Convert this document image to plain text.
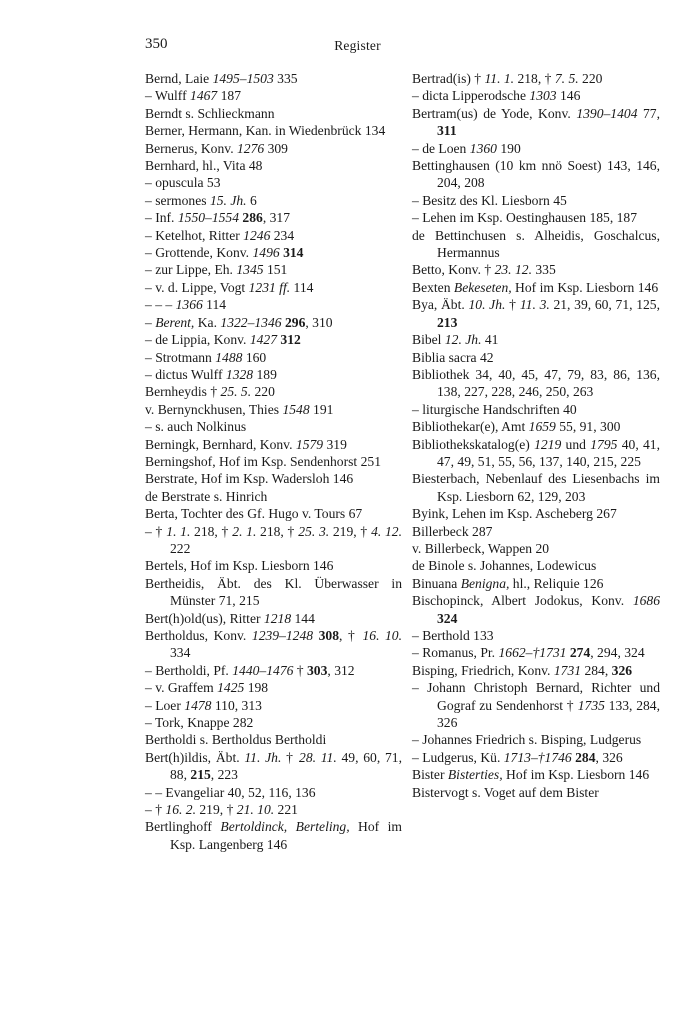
350	Register
Bernd, Laie 1495–1503 335
– Wulff 1467 187
Berndt s. Schlieckmann
Berner, Hermann, Kan. in Wiedenbrück 134
Bernerus, Konv. 1276 309
Bernhard, hl., Vita 48
– opuscula 53
– sermones 15. Jh. 6
– Inf. 1550–1554 286, 317
– Ketelhot, Ritter 1246 234
– Grottende, Konv. 1496 314
– zur Lippe, Eh. 1345 151
– v. d. Lippe, Vogt 1231 ff. 114
– – – 1366 114
– Berent, Ka. 1322–1346 296, 310
– de Lippia, Konv. 1427 312
– Strotmann 1488 160
– dictus Wulff 1328 189
Bernheydis † 25. 5. 220
v. Bernynckhusen, Thies 1548 191
– s. auch Nolkinus
Berningk, Bernhard, Konv. 1579 319
Berningshof, Hof im Ksp. Sendenhorst 251
Berstrate, Hof im Ksp. Wadersloh 146
de Berstrate s. Hinrich
Berta, Tochter des Gf. Hugo v. Tours 67
– † 1. 1. 218, † 2. 1. 218, † 25. 3. 219, † 4. 12. 222
Bertels, Hof im Ksp. Liesborn 146
Bertheidis, Äbt. des Kl. Überwasser in Münster 71, 215
Bert(h)old(us), Ritter 1218 144
Bertholdus, Konv. 1239–1248 308, † 16. 10. 334
– Bertholdi, Pf. 1440–1476 † 303, 312
– v. Graffem 1425 198
– Loer 1478 110, 313
– Tork, Knappe 282
Bertholdi s. Bertholdus Bertholdi
Bert(h)ildis, Äbt. 11. Jh. † 28. 11. 49, 60, 71, 88, 215, 223
– – Evangeliar 40, 52, 116, 136
– † 16. 2. 219, † 21. 10. 221
Bertlinghoff Bertoldinck, Berteling, Hof im Ksp. Langenberg 146
Bertrad(is) † 11. 1. 218, † 7. 5. 220
– dicta Lipperodsche 1303 146
Bertram(us) de Yode, Konv. 1390–1404 77, 311
– de Loen 1360 190
Bettinghausen (10 km nnö Soest) 143, 146, 204, 208
– Besitz des Kl. Liesborn 45
– Lehen im Ksp. Oestinghausen 185, 187
de Bettinchusen s. Alheidis, Goschalcus, Hermannus
Betto, Konv. † 23. 12. 335
Bexten Bekeseten, Hof im Ksp. Liesborn 146
Bya, Äbt. 10. Jh. † 11. 3. 21, 39, 60, 71, 125, 213
Bibel 12. Jh. 41
Biblia sacra 42
Bibliothek 34, 40, 45, 47, 79, 83, 86, 136, 138, 227, 228, 246, 250, 263
– liturgische Handschriften 40
Bibliothekar(e), Amt 1659 55, 91, 300
Bibliothekskatalog(e) 1219 und 1795 40, 41, 47, 49, 51, 55, 56, 137, 140, 215, 225
Biesterbach, Nebenlauf des Liesenbachs im Ksp. Liesborn 62, 129, 203
Byink, Lehen im Ksp. Ascheberg 267
Billerbeck 287
v. Billerbeck, Wappen 20
de Binole s. Johannes, Lodewicus
Binuana Benigna, hl., Reliquie 126
Bischopinck, Albert Jodokus, Konv. 1686 324
– Berthold 133
– Romanus, Pr. 1662–†1731 274, 294, 324
Bisping, Friedrich, Konv. 1731 284, 326
– Johann Christoph Bernard, Richter und Gograf zu Sendenhorst † 1735 133, 284, 326
– Johannes Friedrich s. Bisping, Ludgerus
– Ludgerus, Kü. 1713–†1746 284, 326
Bister Bisterties, Hof im Ksp. Liesborn 146
Bistervogt s. Voget auf dem Bister
